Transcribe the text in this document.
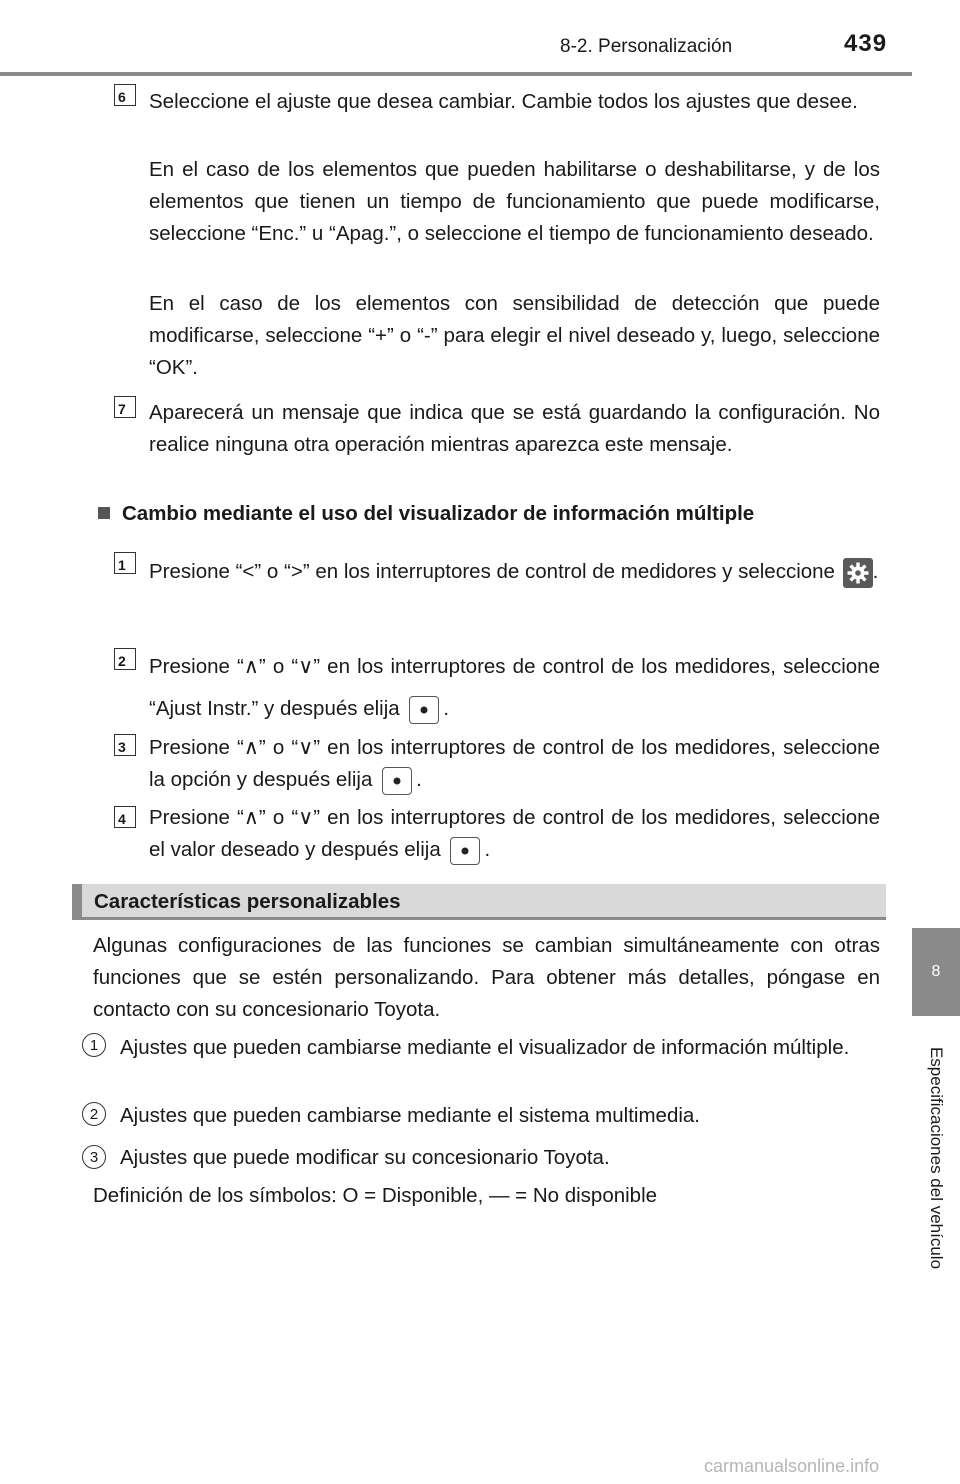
8-2. Personalización	439
8
Especificaciones del vehículo
6	Seleccione el ajuste que desea cambiar. Cambie todos los ajustes que desee.
En el caso de los elementos que pueden habilitarse o deshabilitarse, y de los elementos que tienen un tiempo de funcionamiento que puede modificarse, seleccione “Enc.” u “Apag.”, o seleccione el tiempo de funcionamiento deseado.
En el caso de los elementos con sensibilidad de detección que puede modificarse, seleccione “+” o “-” para elegir el nivel deseado y, luego, seleccione “OK”.
7	Aparecerá un mensaje que indica que se está guardando la configuración. No realice ninguna otra operación mientras aparezca este mensaje.
Cambio mediante el uso del visualizador de información múltiple
1	Presione “<” o “>” en los interruptores de control de medidores y seleccione .
2	Presione “∧” o “∨” en los interruptores de control de los medidores, seleccione “Ajust Instr.” y después elija .
3	Presione “∧” o “∨” en los interruptores de control de los medidores, seleccione la opción y después elija .
4	Presione “∧” o “∨” en los interruptores de control de los medidores, seleccione el valor deseado y después elija .
Características personalizables
Algunas configuraciones de las funciones se cambian simultáneamente con otras funciones que se estén personalizando. Para obtener más detalles, póngase en contacto con su concesionario Toyota.
1	Ajustes que pueden cambiarse mediante el visualizador de información múltiple.
2	Ajustes que pueden cambiarse mediante el sistema multimedia.
3	Ajustes que puede modificar su concesionario Toyota.
Definición de los símbolos: O = Disponible, — = No disponible
carmanualsonline.info
